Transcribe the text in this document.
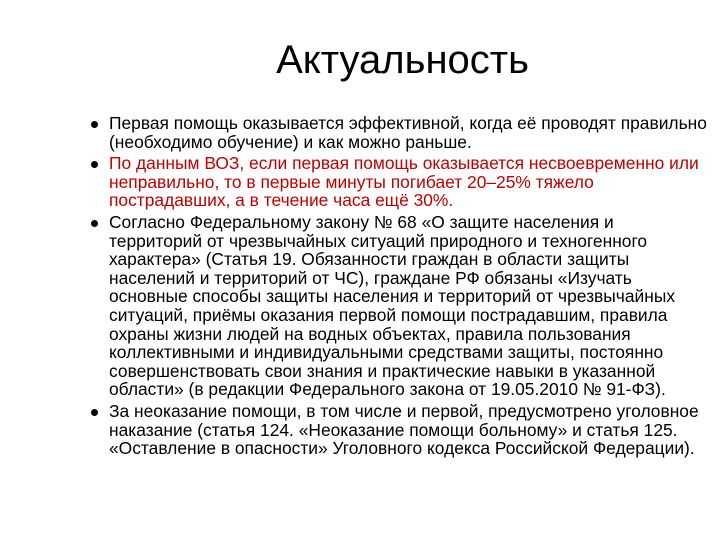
Актуальность
Первая помощь оказывается эффективной, когда её проводят правильно (необходимо обучение) и как можно раньше.
По данным ВОЗ, если первая помощь оказывается несвоевременно или неправильно, то в первые минуты погибает 20–25% тяжело пострадавших, а в течение часа ещё 30%.
Согласно Федеральному закону № 68 «О защите населения и территорий от чрезвычайных ситуаций природного и техногенного характера» (Статья 19. Обязанности граждан в области защиты населений и территорий от ЧС), граждане РФ обязаны «Изучать основные способы защиты населения и территорий от чрезвычайных ситуаций, приёмы оказания первой помощи пострадавшим, правила охраны жизни людей на водных объектах, правила пользования коллективными и индивидуальными средствами защиты, постоянно совершенствовать свои знания и практические навыки в указанной области» (в редакции Федерального закона от 19.05.2010 № 91-ФЗ).
За неоказание помощи, в том числе и первой, предусмотрено уголовное наказание (статья 124. «Неоказание помощи больному» и статья 125. «Оставление в опасности» Уголовного кодекса Российской Федерации).
